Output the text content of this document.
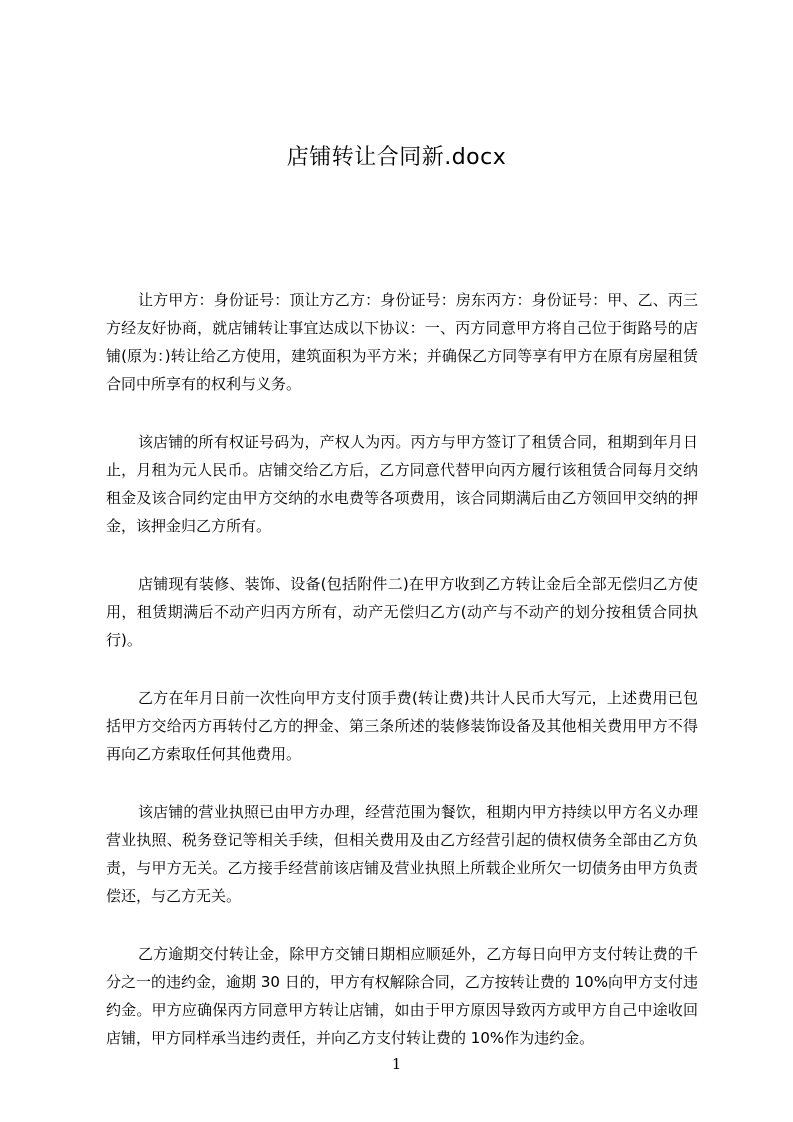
店铺转让合同新.docx

让方甲方：身份证号：顶让方乙方：身份证号：房东丙方：身份证号：甲、乙、丙三方经友好协商，就店铺转让事宜达成以下协议：一、丙方同意甲方将自己位于街路号的店铺(原为：)转让给乙方使用，建筑面积为平方米；并确保乙方同等享有甲方在原有房屋租赁合同中所享有的权利与义务。

该店铺的所有权证号码为，产权人为丙。丙方与甲方签订了租赁合同，租期到年月日止，月租为元人民币。店铺交给乙方后，乙方同意代替甲向丙方履行该租赁合同每月交纳租金及该合同约定由甲方交纳的水电费等各项费用，该合同期满后由乙方领回甲交纳的押金，该押金归乙方所有。

店铺现有装修、装饰、设备(包括附件二)在甲方收到乙方转让金后全部无偿归乙方使用，租赁期满后不动产归丙方所有，动产无偿归乙方(动产与不动产的划分按租赁合同执行)。

乙方在年月日前一次性向甲方支付顶手费(转让费)共计人民币大写元，上述费用已包括甲方交给丙方再转付乙方的押金、第三条所述的装修装饰设备及其他相关费用甲方不得再向乙方索取任何其他费用。

该店铺的营业执照已由甲方办理，经营范围为餐饮，租期内甲方持续以甲方名义办理营业执照、税务登记等相关手续，但相关费用及由乙方经营引起的债权债务全部由乙方负责，与甲方无关。乙方接手经营前该店铺及营业执照上所载企业所欠一切债务由甲方负责偿还，与乙方无关。

乙方逾期交付转让金，除甲方交铺日期相应顺延外，乙方每日向甲方支付转让费的千分之一的违约金，逾期 30 日的，甲方有权解除合同，乙方按转让费的 10%向甲方支付违约金。甲方应确保丙方同意甲方转让店铺，如由于甲方原因导致丙方或甲方自己中途收回店铺，甲方同样承当违约责任，并向乙方支付转让费的 10%作为违约金。

1
